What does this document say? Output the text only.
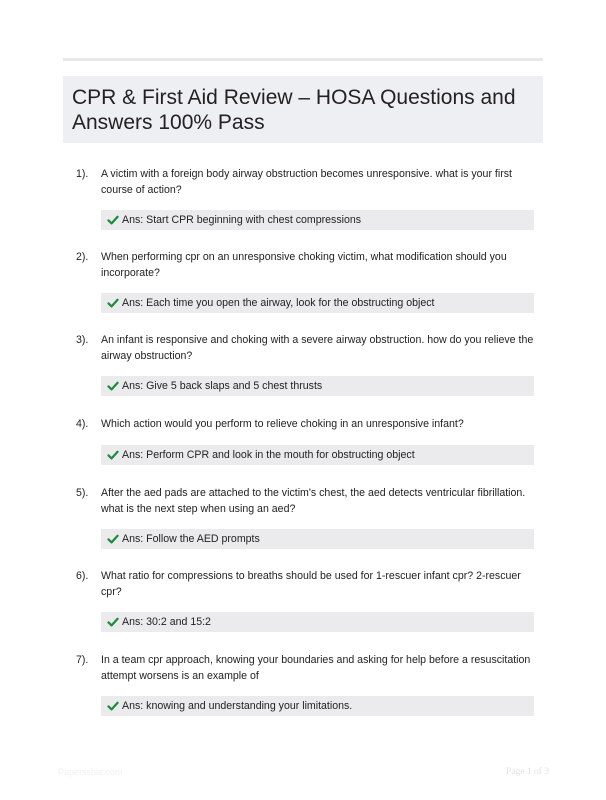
CPR & First Aid Review – HOSA Questions and Answers 100% Pass
1). A victim with a foreign body airway obstruction becomes unresponsive. what is your first course of action?
Ans: Start CPR beginning with chest compressions
2). When performing cpr on an unresponsive choking victim, what modification should you incorporate?
Ans: Each time you open the airway, look for the obstructing object
3). An infant is responsive and choking with a severe airway obstruction. how do you relieve the airway obstruction?
Ans: Give 5 back slaps and 5 chest thrusts
4). Which action would you perform to relieve choking in an unresponsive infant?
Ans: Perform CPR and look in the mouth for obstructing object
5). After the aed pads are attached to the victim's chest, the aed detects ventricular fibrillation. what is the next step when using an aed?
Ans: Follow the AED prompts
6). What ratio for compressions to breaths should be used for 1-rescuer infant cpr? 2-rescuer cpr?
Ans: 30:2 and 15:2
7). In a team cpr approach, knowing your boundaries and asking for help before a resuscitation attempt worsens is an example of
Ans: knowing and understanding your limitations.
Paperssbie.com	Page 1 of 3
